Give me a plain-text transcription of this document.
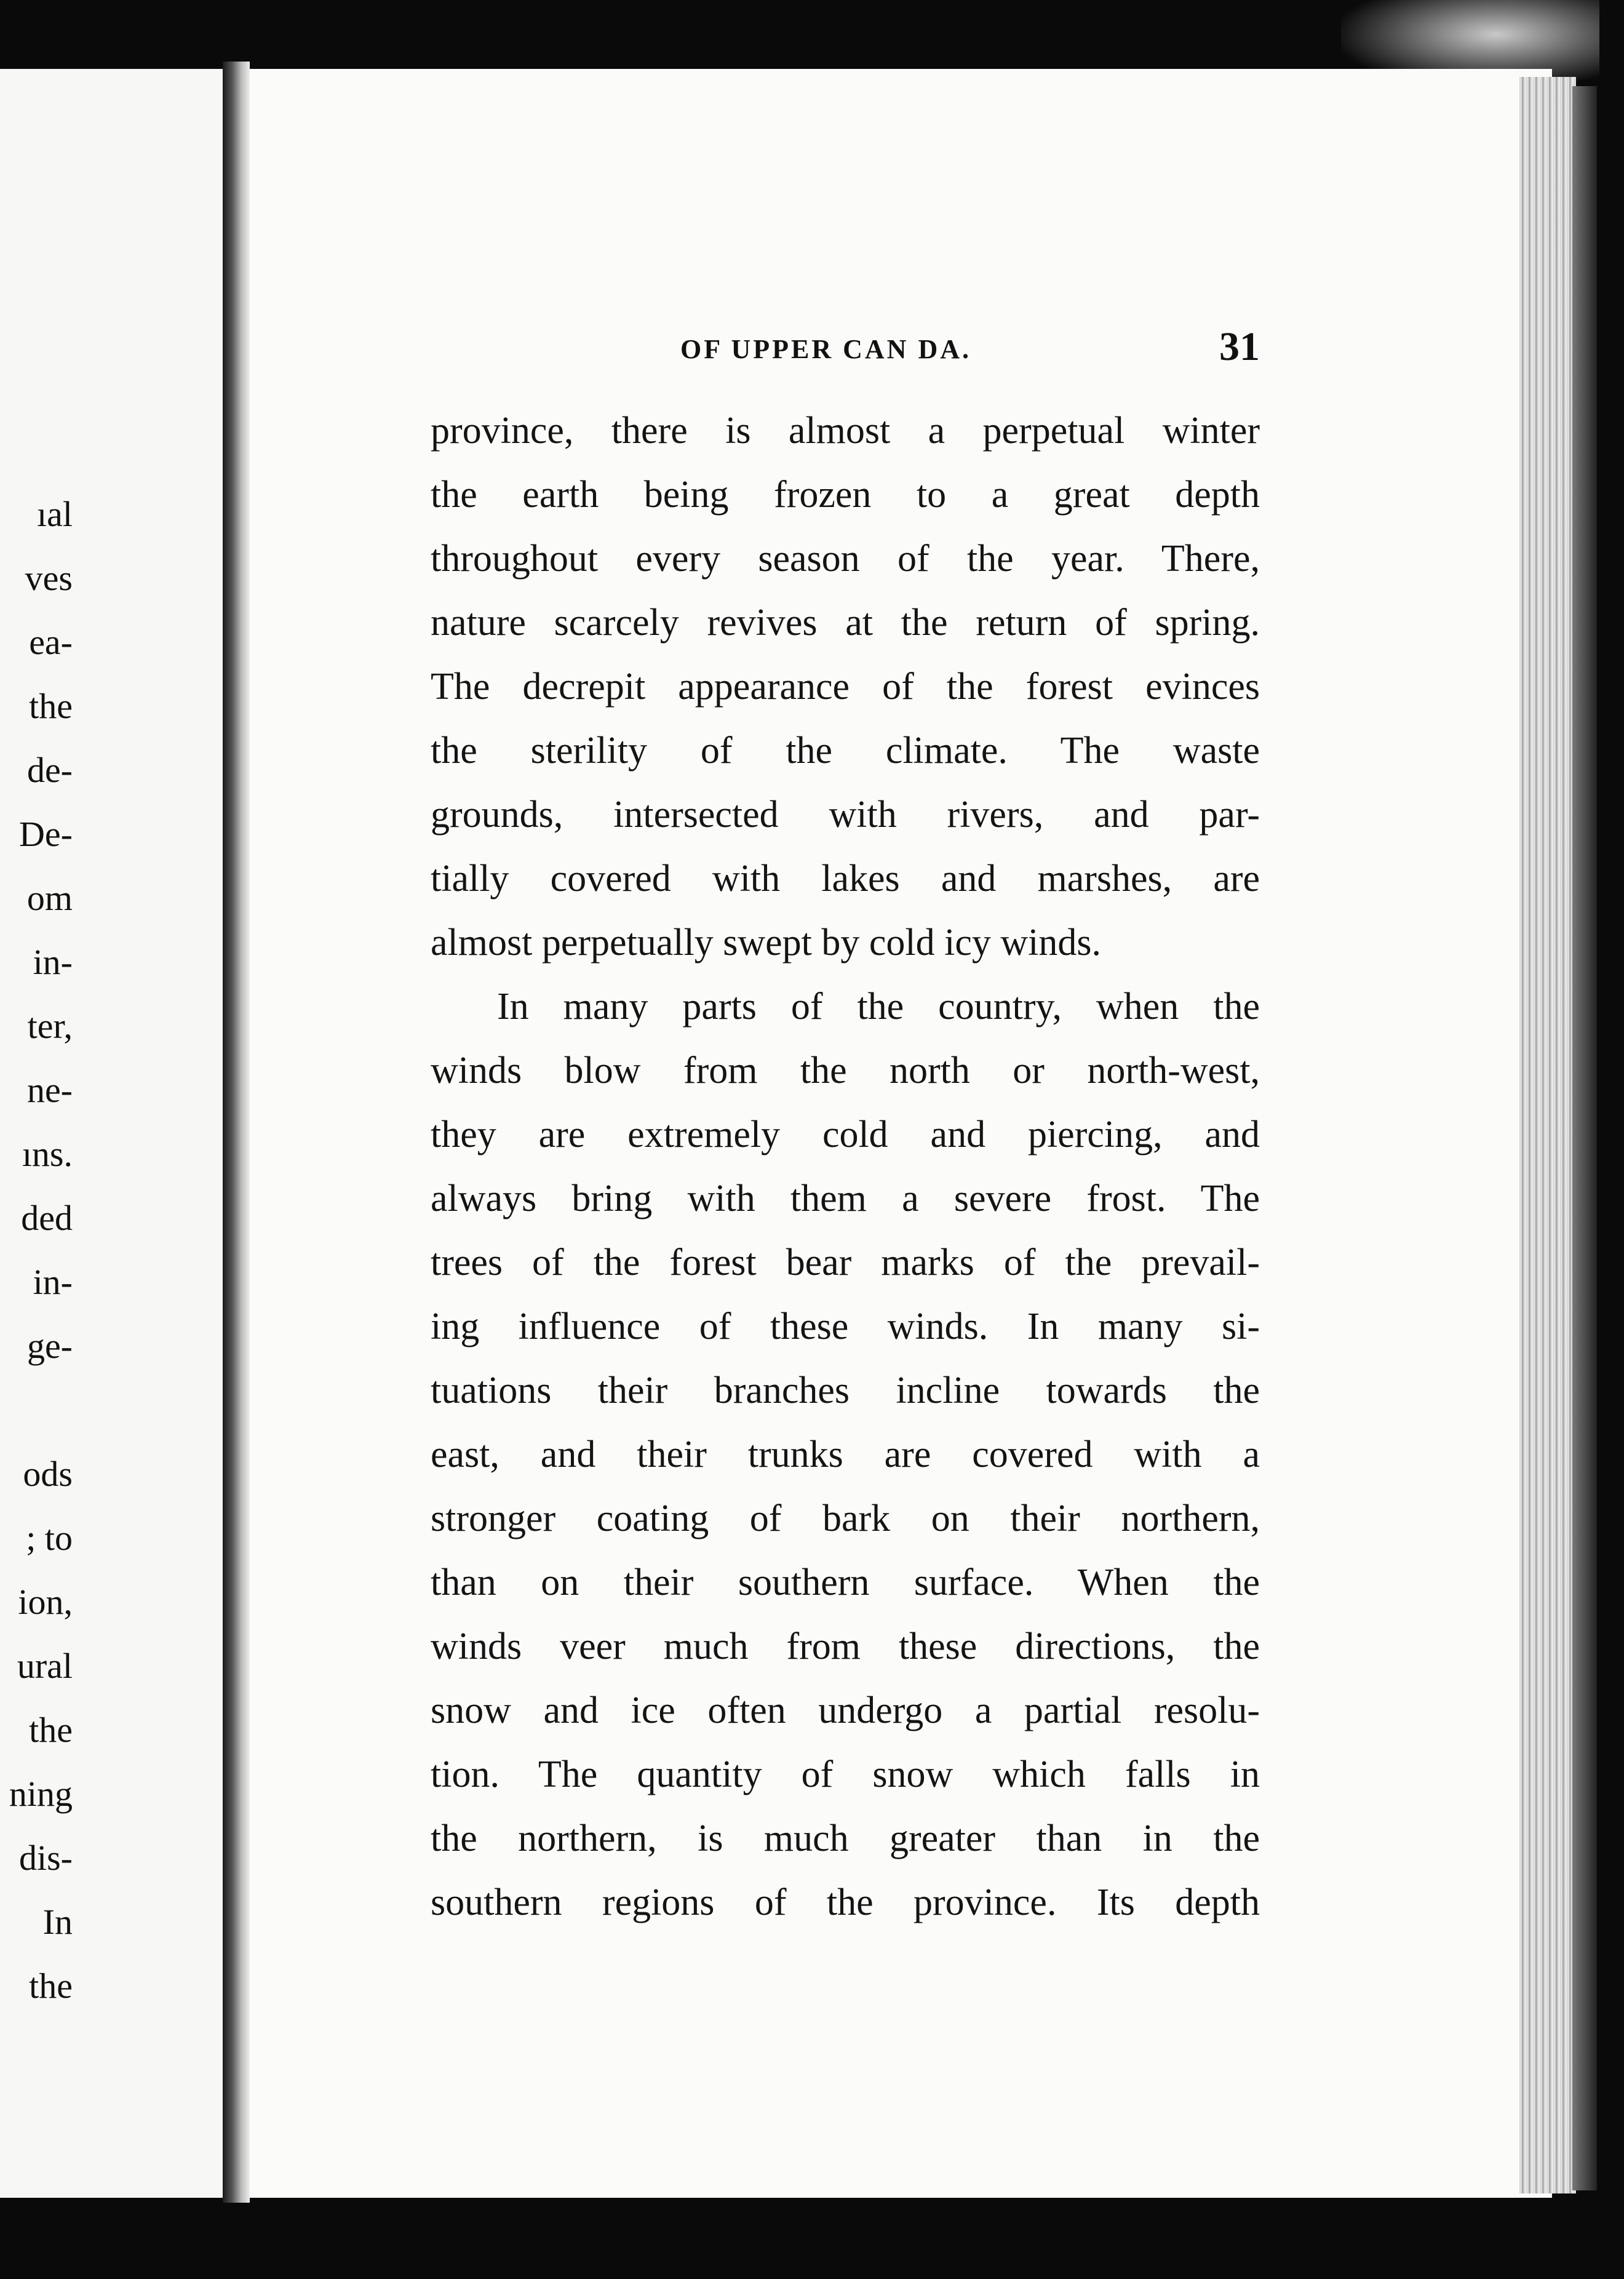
ıal
ves
ea-
the
de-
De-
om
in-
ter,
ne-
ıns.
ded
in-
ge-
ods
; to
ion,
ural
the
ning
dis-
In
the
OF UPPER CAN DA.	31
province, there is almost a perpetual winter
the earth being frozen to a great depth
throughout every season of the year. There,
nature scarcely revives at the return of spring.
The decrepit appearance of the forest evinces
the sterility of the climate. The waste
grounds, intersected with rivers, and par-
tially covered with lakes and marshes, are
almost perpetually swept by cold icy winds.
In many parts of the country, when the
winds blow from the north or north-west,
they are extremely cold and piercing, and
always bring with them a severe frost. The
trees of the forest bear marks of the prevail-
ing influence of these winds. In many si-
tuations their branches incline towards the
east, and their trunks are covered with a
stronger coating of bark on their northern,
than on their southern surface. When the
winds veer much from these directions, the
snow and ice often undergo a partial resolu-
tion. The quantity of snow which falls in
the northern, is much greater than in the
southern regions of the province. Its depth
